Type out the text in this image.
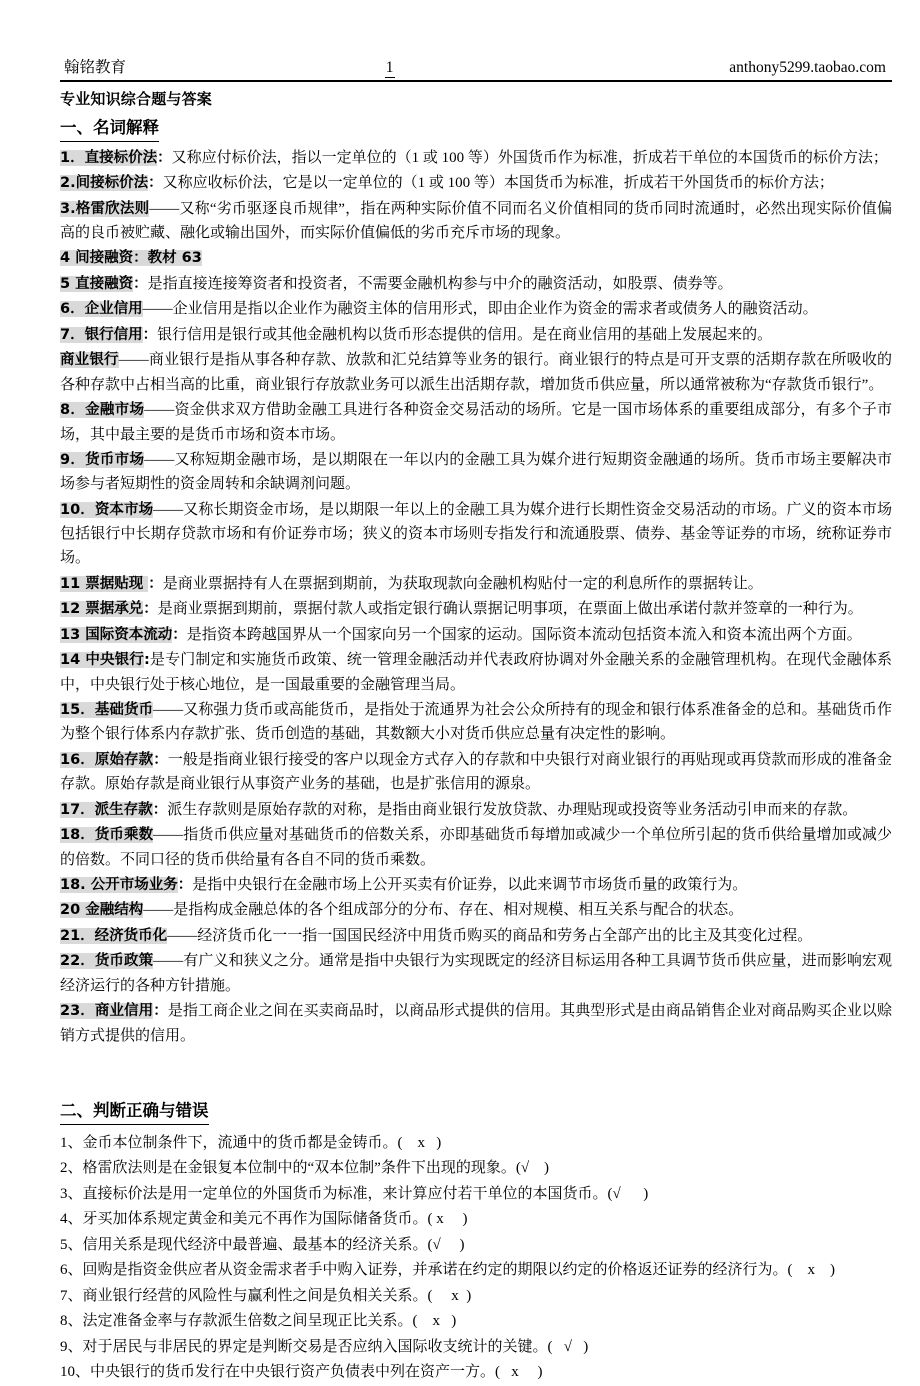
翰铭教育	1	anthony5299.taobao.com
专业知识综合题与答案
一、名词解释
1．直接标价法：又称应付标价法，指以一定单位的（1 或 100 等）外国货币作为标准，折成若干单位的本国货币的标价方法；
2.间接标价法：又称应收标价法，它是以一定单位的（1 或 100 等）本国货币为标准，折成若干外国货币的标价方法；
3.格雷欣法则——又称“劣币驱逐良币规律”，指在两种实际价值不同而名义价值相同的货币同时流通时，必然出现实际价值偏高的良币被贮藏、融化或输出国外，而实际价值偏低的劣币充斥市场的现象。
4 间接融资：教材 63
5 直接融资：是指直接连接筹资者和投资者，不需要金融机构参与中介的融资活动，如股票、债券等。
6．企业信用——企业信用是指以企业作为融资主体的信用形式，即由企业作为资金的需求者或债务人的融资活动。
7．银行信用：银行信用是银行或其他金融机构以货币形态提供的信用。是在商业信用的基础上发展起来的。
商业银行——商业银行是指从事各种存款、放款和汇兑结算等业务的银行。商业银行的特点是可开支票的活期存款在所吸收的各种存款中占相当高的比重，商业银行存放款业务可以派生出活期存款，增加货币供应量，所以通常被称为“存款货币银行”。
8．金融市场——资金供求双方借助金融工具进行各种资金交易活动的场所。它是一国市场体系的重要组成部分，有多个子市场，其中最主要的是货币市场和资本市场。
9．货币市场——又称短期金融市场，是以期限在一年以内的金融工具为媒介进行短期资金融通的场所。货币市场主要解决市场参与者短期性的资金周转和余缺调剂问题。
10．资本市场——又称长期资金市场，是以期限一年以上的金融工具为媒介进行长期性资金交易活动的市场。广义的资本市场包括银行中长期存贷款市场和有价证券市场；狭义的资本市场则专指发行和流通股票、债券、基金等证券的市场，统称证券市场。
11 票据贴现 ：是商业票据持有人在票据到期前，为获取现款向金融机构贴付一定的利息所作的票据转让。
12 票据承兑：是商业票据到期前，票据付款人或指定银行确认票据记明事项，在票面上做出承诺付款并签章的一种行为。
13 国际资本流动：是指资本跨越国界从一个国家向另一个国家的运动。国际资本流动包括资本流入和资本流出两个方面。
14 中央银行:是专门制定和实施货币政策、统一管理金融活动并代表政府协调对外金融关系的金融管理机构。在现代金融体系中，中央银行处于核心地位，是一国最重要的金融管理当局。
15．基础货币——又称强力货币或高能货币，是指处于流通界为社会公众所持有的现金和银行体系准备金的总和。基础货币作为整个银行体系内存款扩张、货币创造的基础，其数额大小对货币供应总量有决定性的影响。
16．原始存款：一般是指商业银行接受的客户以现金方式存入的存款和中央银行对商业银行的再贴现或再贷款而形成的准备金存款。原始存款是商业银行从事资产业务的基础，也是扩张信用的源泉。
17．派生存款：派生存款则是原始存款的对称，是指由商业银行发放贷款、办理贴现或投资等业务活动引申而来的存款。
18．货币乘数——指货币供应量对基础货币的倍数关系，亦即基础货币每增加或减少一个单位所引起的货币供给量增加或减少的倍数。不同口径的货币供给量有各自不同的货币乘数。
18. 公开市场业务：是指中央银行在金融市场上公开买卖有价证券，以此来调节市场货币量的政策行为。
20 金融结构——是指构成金融总体的各个组成部分的分布、存在、相对规模、相互关系与配合的状态。
21．经济货币化——经济货币化一一指一国国民经济中用货币购买的商品和劳务占全部产出的比主及其变化过程。
22．货币政策——有广义和狭义之分。通常是指中央银行为实现既定的经济目标运用各种工具调节货币供应量，进而影响宏观经济运行的各种方针措施。
23．商业信用：是指工商企业之间在买卖商品时，以商品形式提供的信用。其典型形式是由商品销售企业对商品购买企业以赊销方式提供的信用。
二、判断正确与错误
1、金币本位制条件下，流通中的货币都是金铸币。(    x   )
2、格雷欣法则是在金银复本位制中的“双本位制”条件下出现的现象。(√    )
3、直接标价法是用一定单位的外国货币为标准，来计算应付若干单位的本国货币。(√      )
4、牙买加体系规定黄金和美元不再作为国际储备货币。( x     )
5、信用关系是现代经济中最普遍、最基本的经济关系。(√     )
6、回购是指资金供应者从资金需求者手中购入证券，并承诺在约定的期限以约定的价格返还证券的经济行为。(    x    )
7、商业银行经营的风险性与赢利性之间是负相关关系。(     x  )
8、法定准备金率与存款派生倍数之间呈现正比关系。(    x   )
9、对于居民与非居民的界定是判断交易是否应纳入国际收支统计的关键。(   √   )
10、中央银行的货币发行在中央银行资产负债表中列在资产一方。(   x     )
